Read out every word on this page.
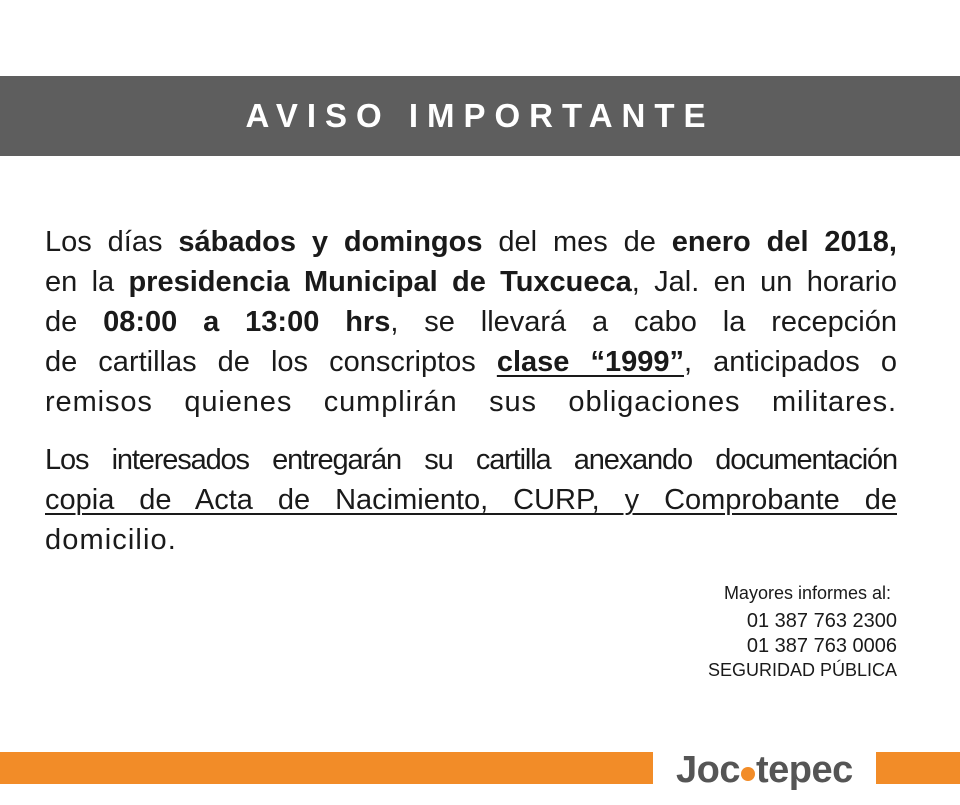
AVISO IMPORTANTE
Los días sábados y domingos del mes de enero del 2018,
en la presidencia Municipal de Tuxcueca, Jal. en un horario
de 08:00 a 13:00 hrs, se llevará a cabo la recepción
de cartillas de los conscriptos clase “1999”, anticipados o
remisos quienes cumplirán sus obligaciones militares.
Los interesados entregarán su cartilla anexando documentación
copia de Acta de Nacimiento, CURP, y Comprobante de
domicilio.
Mayores informes al:
01 387 763 2300
01 387 763 0006
SEGURIDAD PÚBLICA
Joc tepec
